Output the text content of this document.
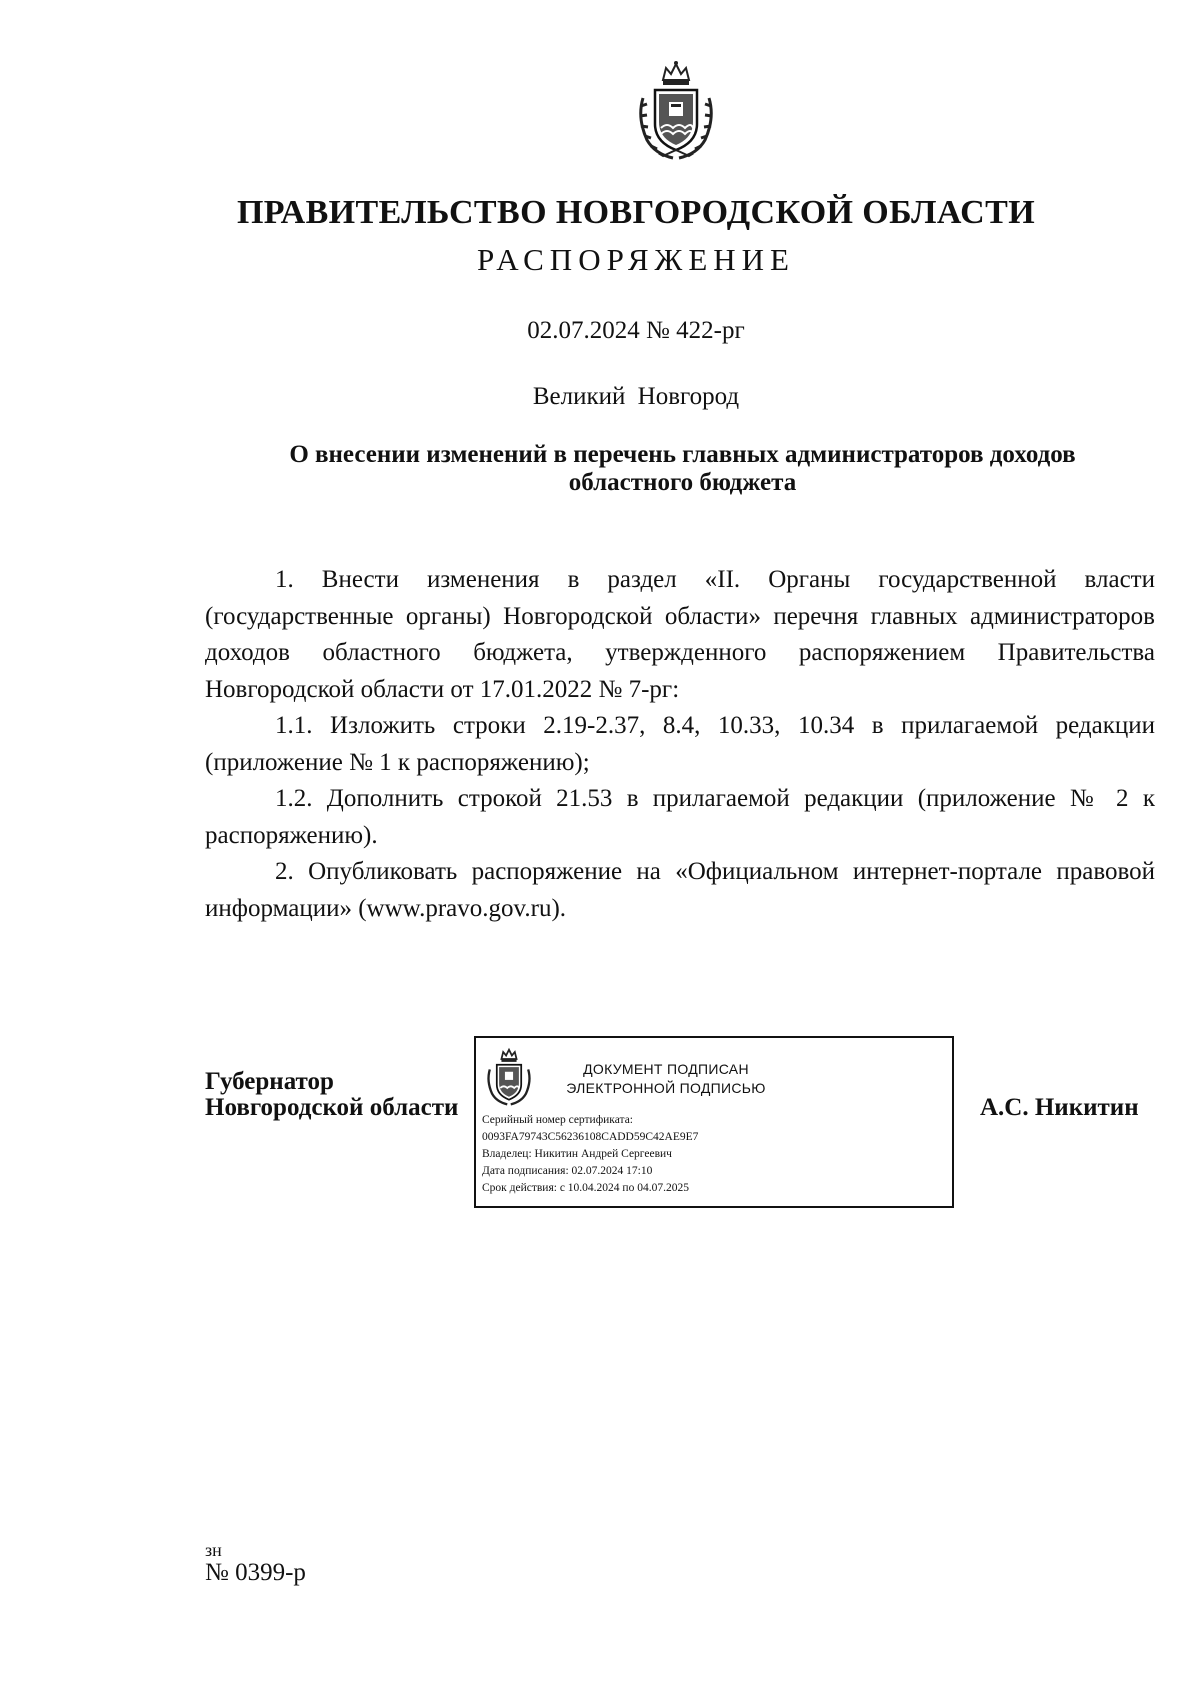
ПРАВИТЕЛЬСТВО НОВГОРОДСКОЙ ОБЛАСТИ
РАСПОРЯЖЕНИЕ
02.07.2024 № 422-рг
Великий Новгород
О внесении изменений в перечень главных администраторов доходов
областного бюджета

1. Внести изменения в раздел «II. Органы государственной власти (государственные органы) Новгородской области» перечня главных администраторов доходов областного бюджета, утвержденного распоряжением Правительства Новгородской области от 17.01.2022 № 7-рг:

1.1. Изложить строки 2.19-2.37, 8.4, 10.33, 10.34 в прилагаемой редакции (приложение № 1 к распоряжению);

1.2. Дополнить строкой 21.53 в прилагаемой редакции (приложение № 2 к распоряжению).

2. Опубликовать распоряжение на «Официальном интернет-портале правовой информации» (www.pravo.gov.ru).

Губернатор
Новгородской области
ДОКУМЕНТ ПОДПИСАН
ЭЛЕКТРОННОЙ ПОДПИСЬЮ
Серийный номер сертификата:
0093FA79743C56236108CADD59C42AE9E7
Владелец: Никитин Андрей Сергеевич
Дата подписания: 02.07.2024 17:10
Срок действия: с 10.04.2024 по 04.07.2025
А.С. Никитин
зн
№ 0399-р
